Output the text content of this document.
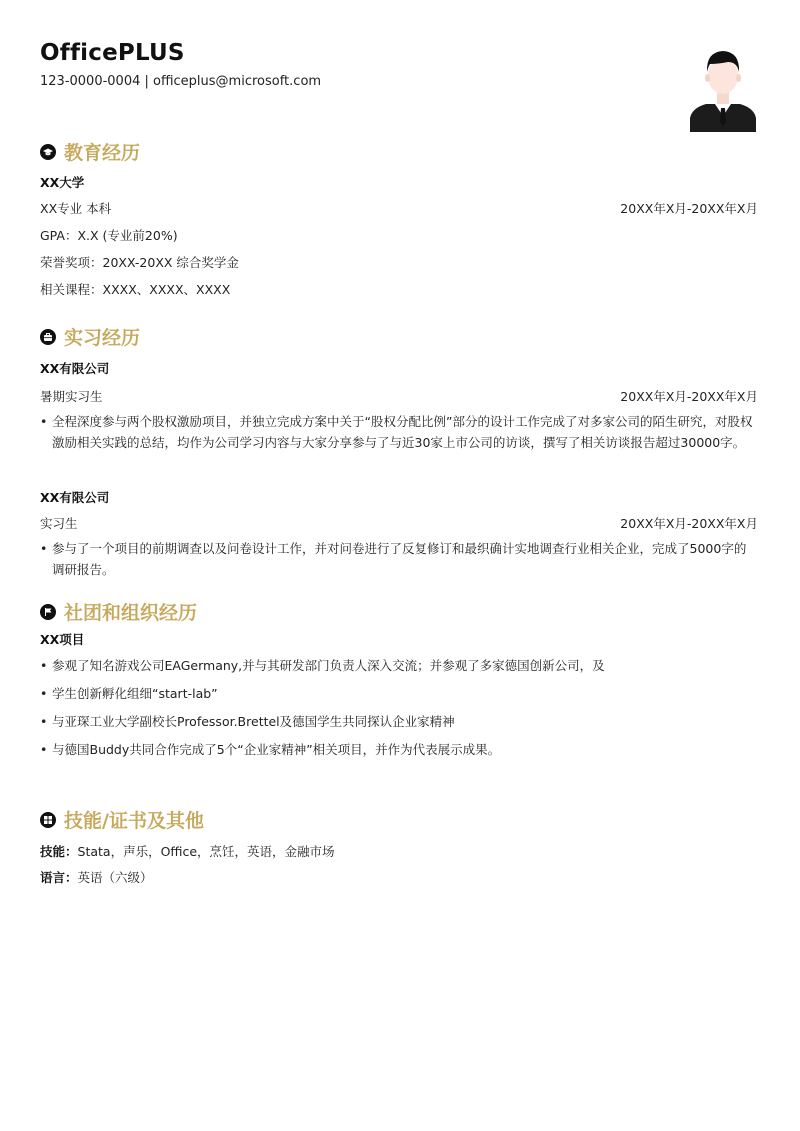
OfficePLUS
123-0000-0004 | officeplus@microsoft.com
教育经历
XX大学
XX专业 本科	20XX年X月-20XX年X月
GPA：X.X (专业前20%)
荣誉奖项：20XX-20XX 综合奖学金
相关课程：XXXX、XXXX、XXXX
实习经历
XX有限公司
暑期实习生	20XX年X月-20XX年X月
• 全程深度参与两个股权激励项目，并独立完成方案中关于“股权分配比例”部分的设计工作完成了对多家公司的陌生研究，对股权激励相关实践的总结，均作为公司学习内容与大家分享参与了与近30家上市公司的访谈，撰写了相关访谈报告超过30000字。
XX有限公司
实习生	20XX年X月-20XX年X月
• 参与了一个项目的前期调查以及问卷设计工作，并对问卷进行了反复修订和最织确计实地调查行业相关企业，完成了5000字的调研报告。
社团和组织经历
XX项目
• 参观了知名游戏公司EAGermany,并与其研发部门负责人深入交流；并参观了多家德国创新公司，及
• 学生创新孵化组细“start-lab”
• 与亚琛工业大学副校长Professor.Brettel及德国学生共同探认企业家精神
• 与德国Buddy共同合作完成了5个“企业家精神”相关项目，并作为代表展示成果。
技能/证书及其他
技能：Stata，声乐，Office，烹饪，英语，金融市场
语言：英语（六级）
